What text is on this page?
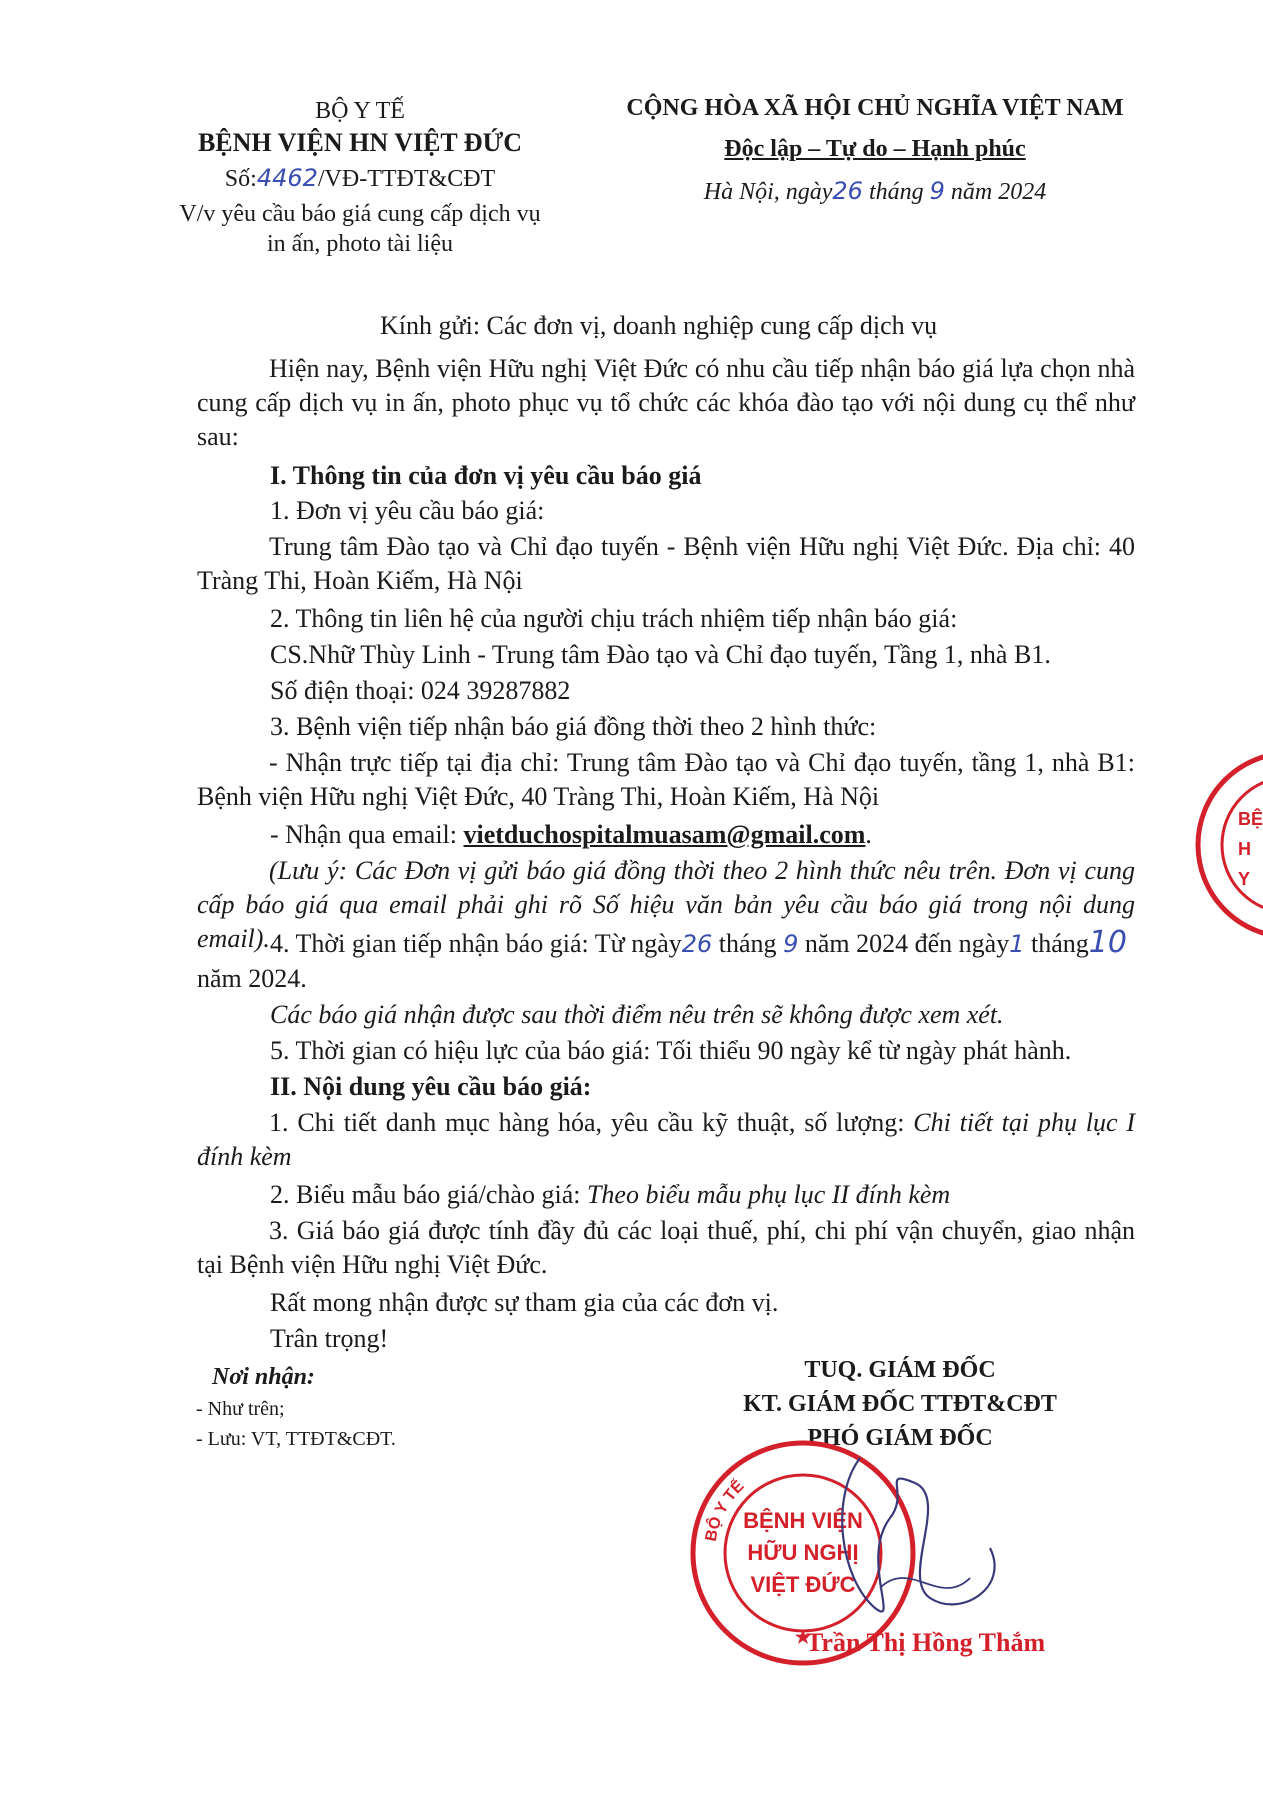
BỘ Y TẾ
BỆNH VIỆN HN VIỆT ĐỨC
Số:4462/VĐ-TTĐT&CĐT
V/v yêu cầu báo giá cung cấp dịch vụ
in ấn, photo tài liệu
CỘNG HÒA XÃ HỘI CHỦ NGHĨA VIỆT NAM
Độc lập – Tự do – Hạnh phúc
Hà Nội, ngày26 tháng 9 năm 2024
Kính gửi: Các đơn vị, doanh nghiệp cung cấp dịch vụ
Hiện nay, Bệnh viện Hữu nghị Việt Đức có nhu cầu tiếp nhận báo giá lựa chọn nhà cung cấp dịch vụ in ấn, photo phục vụ tổ chức các khóa đào tạo với nội dung cụ thể như sau:
I. Thông tin của đơn vị yêu cầu báo giá
1. Đơn vị yêu cầu báo giá:
Trung tâm Đào tạo và Chỉ đạo tuyến - Bệnh viện Hữu nghị Việt Đức. Địa chỉ: 40 Tràng Thi, Hoàn Kiếm, Hà Nội
2. Thông tin liên hệ của người chịu trách nhiệm tiếp nhận báo giá:
CS.Nhữ Thùy Linh - Trung tâm Đào tạo và Chỉ đạo tuyến, Tầng 1, nhà B1.
Số điện thoại: 024 39287882
3. Bệnh viện tiếp nhận báo giá đồng thời theo 2 hình thức:
- Nhận trực tiếp tại địa chỉ: Trung tâm Đào tạo và Chỉ đạo tuyến, tầng 1, nhà B1: Bệnh viện Hữu nghị Việt Đức, 40 Tràng Thi, Hoàn Kiếm, Hà Nội
- Nhận qua email: vietduchospitalmuasam@gmail.com.
(Lưu ý: Các Đơn vị gửi báo giá đồng thời theo 2 hình thức nêu trên. Đơn vị cung cấp báo giá qua email phải ghi rõ Số hiệu văn bản yêu cầu báo giá trong nội dung email). 4. Thời gian tiếp nhận báo giá: Từ ngày26 tháng 9 năm 2024 đến ngày1 tháng10
năm 2024.
Các báo giá nhận được sau thời điểm nêu trên sẽ không được xem xét.
5. Thời gian có hiệu lực của báo giá: Tối thiểu 90 ngày kể từ ngày phát hành.
II. Nội dung yêu cầu báo giá:
1. Chi tiết danh mục hàng hóa, yêu cầu kỹ thuật, số lượng: Chi tiết tại phụ lục I đính kèm
2. Biểu mẫu báo giá/chào giá: Theo biểu mẫu phụ lục II đính kèm
3. Giá báo giá được tính đầy đủ các loại thuế, phí, chi phí vận chuyển, giao nhận tại Bệnh viện Hữu nghị Việt Đức.
Rất mong nhận được sự tham gia của các đơn vị.
Trân trọng!
Nơi nhận:
- Như trên;
- Lưu: VT, TTĐT&CĐT.
TUQ. GIÁM ĐỐC
KT. GIÁM ĐỐC TTĐT&CĐT
PHÓ GIÁM ĐỐC
BỘ Y TẾ
BỆNH VIỆN
HỮU NGHỊ
VIỆT ĐỨC
★
Trần Thị Hồng Thắm
BỆ
H
Y
